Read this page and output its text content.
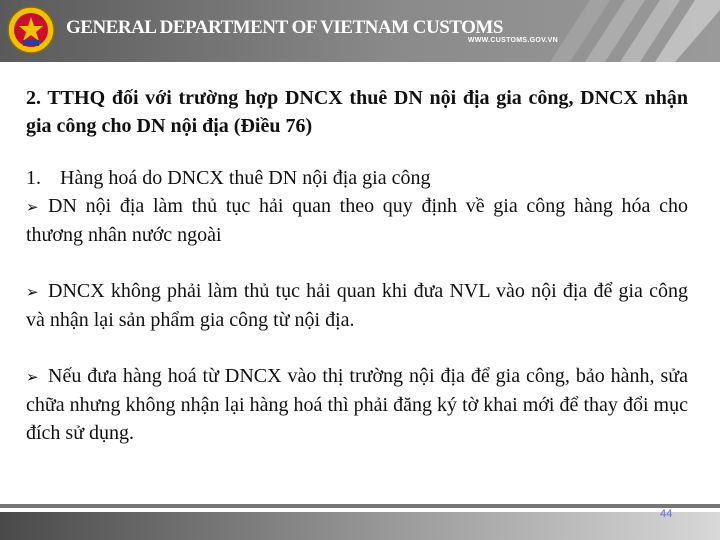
GENERAL DEPARTMENT OF VIETNAM CUSTOMS
WWW.CUSTOMS.GOV.VN

2. TTHQ đối với trường hợp DNCX thuê DN nội địa gia công, DNCX nhận gia công cho DN nội địa (Điều 76)

1. Hàng hoá do DNCX thuê DN nội địa gia công

➢ DN nội địa làm thủ tục hải quan theo quy định về gia công hàng hóa cho thương nhân nước ngoài

➢ DNCX không phải làm thủ tục hải quan khi đưa NVL vào nội địa để gia công và nhận lại sản phẩm gia công từ nội địa.

➢ Nếu đưa hàng hoá từ DNCX vào thị trường nội địa để gia công, bảo hành, sửa chữa nhưng không nhận lại hàng hoá thì phải đăng ký tờ khai mới để thay đổi mục đích sử dụng.

44
